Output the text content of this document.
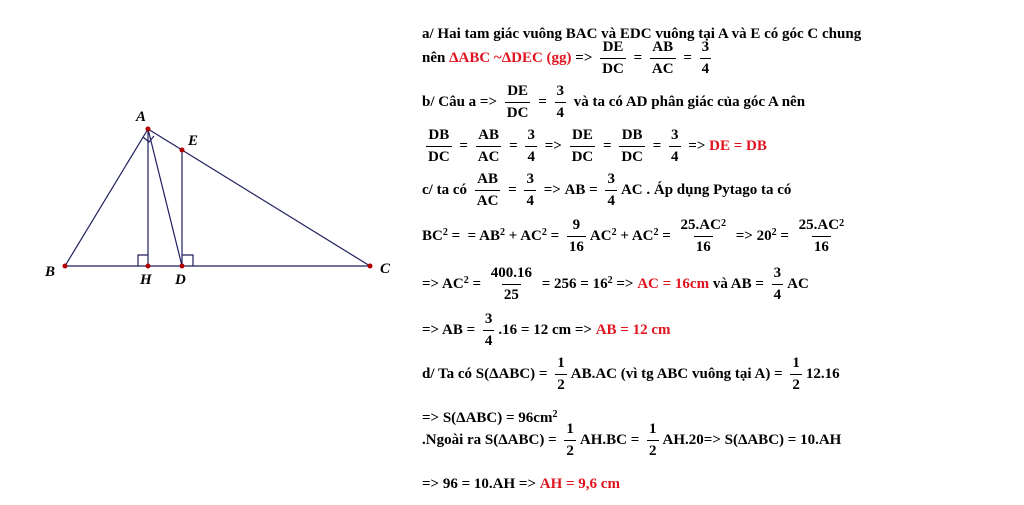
A
E
B	H D
C
a/ Hai tam giác vuông BAC và EDC vuông tại A và E có góc C chung
nên ΔABC ~ΔDEC $(gg) => \frac{DE}{DC} = \frac{AB}{AC} = \frac{3}{4}$
b/ Câu $a => \frac{DE}{DC} = \frac{3}{4}$ và ta có AD phân giác của góc A nên
$\frac{DB}{DC} = \frac{AB}{AC} = \frac{3}{4} => \frac{DE}{DC} = \frac{DB}{DC} = \frac{3}{4}$ => DE = DB
c/ ta có $\frac{AB}{AC} = \frac{3}{4}$ => AB = $\frac{3}{4}$ AC . Áp dụng Pytago ta có
$BC^2$ = = $AB^2 + AC^2 = \frac{9}{16} AC^2 + AC^2 = \frac{25.AC^2}{16} => 20^2 = \frac{25.AC^2}{16}$
=> $AC^2 = \frac{400.16}{25} = 256 = 16^2$ => AC = 16cm và AB = $\frac{3}{4}$ AC
=> AB = $\frac{3}{4} .16 = 12$ cm => AB = 12 cm
d/ Ta có $S(\Delta ABC) = \frac{1}{2} AB.AC$ (vì tg ABC vuông tại $A) = \frac{1}{2} 12.16$
=> $S(\Delta ABC) = 96cm^2$
.Ngoài ra $S(\Delta ABC) = \frac{1}{2} AH.BC = \frac{1}{2} AH.20=> S(\Delta ABC) = 10.AH$
=> 96 = 10.AH => AH = 9,6 cm
